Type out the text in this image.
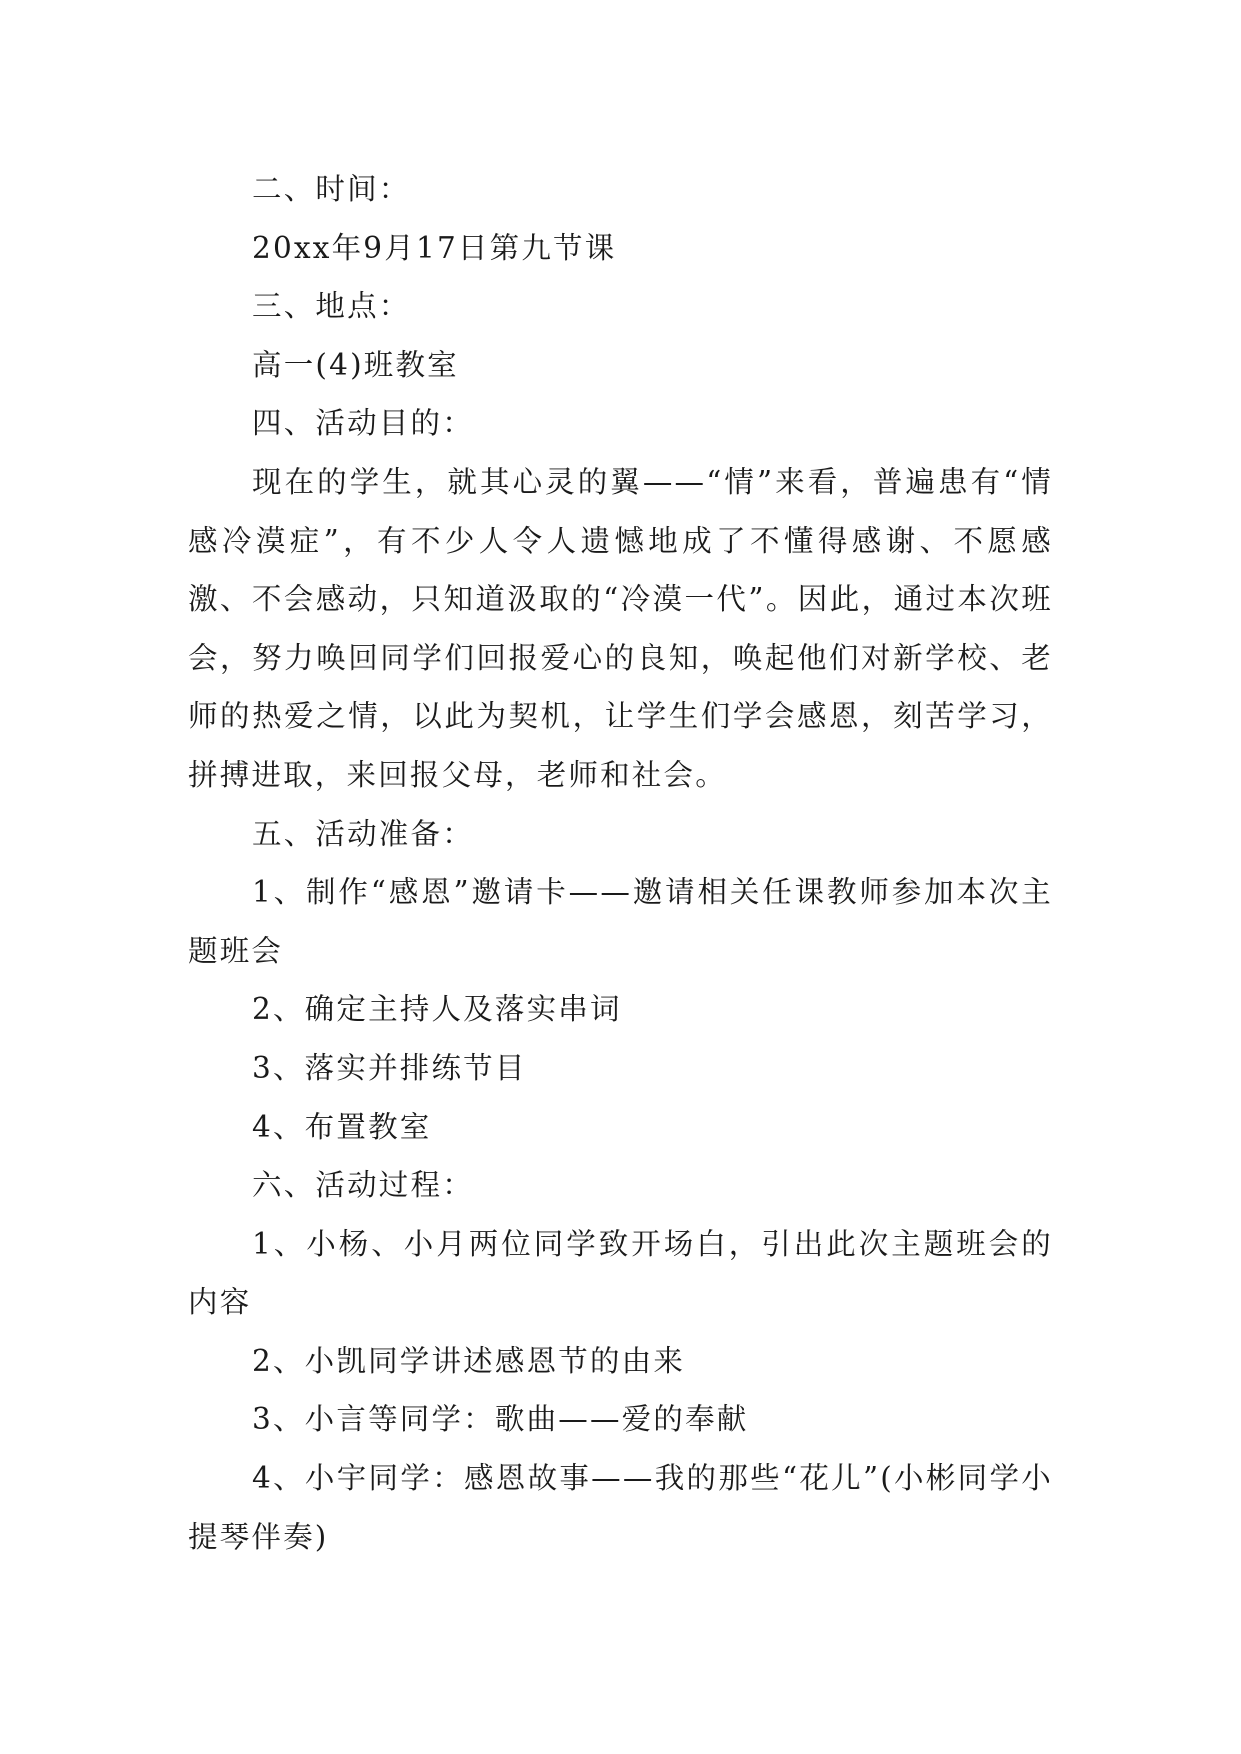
二、时间：

20xx年9月17日第九节课

三、地点：

高一(4)班教室

四、活动目的：

现在的学生，就其心灵的翼——“情”来看，普遍患有“情感冷漠症”，有不少人令人遗憾地成了不懂得感谢、不愿感激、不会感动，只知道汲取的“冷漠一代”。因此，通过本次班会，努力唤回同学们回报爱心的良知，唤起他们对新学校、老师的热爱之情，以此为契机，让学生们学会感恩，刻苦学习，拼搏进取，来回报父母，老师和社会。

五、活动准备：

1、制作“感恩”邀请卡——邀请相关任课教师参加本次主题班会

2、确定主持人及落实串词

3、落实并排练节目

4、布置教室

六、活动过程：

1、小杨、小月两位同学致开场白，引出此次主题班会的内容

2、小凯同学讲述感恩节的由来

3、小言等同学：歌曲——爱的奉献

4、小宇同学：感恩故事——我的那些“花儿”(小彬同学小提琴伴奏)
